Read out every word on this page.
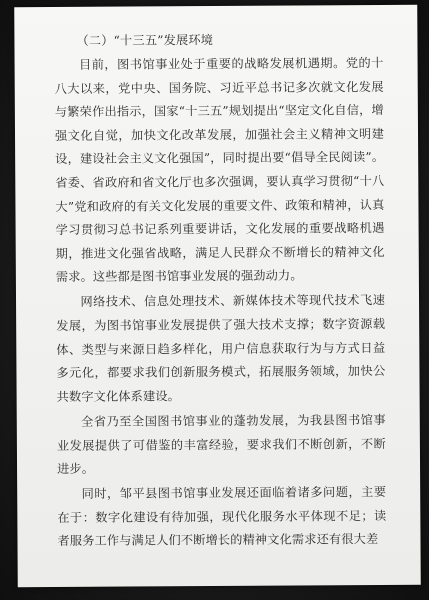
（二）“十三五”发展环境

目前，图书馆事业处于重要的战略发展机遇期。党的十八大以来，党中央、国务院、习近平总书记多次就文化发展与繁荣作出指示，国家“十三五”规划提出“坚定文化自信，增强文化自觉，加快文化改革发展，加强社会主义精神文明建设，建设社会主义文化强国”，同时提出要“倡导全民阅读”。省委、省政府和省文化厅也多次强调，要认真学习贯彻“十八大”党和政府的有关文化发展的重要文件、政策和精神，认真学习贯彻习总书记系列重要讲话，文化发展的重要战略机遇期，推进文化强省战略，满足人民群众不断增长的精神文化需求。这些都是图书馆事业发展的强劲动力。

网络技术、信息处理技术、新媒体技术等现代技术飞速发展，为图书馆事业发展提供了强大技术支撑；数字资源载体、类型与来源日趋多样化，用户信息获取行为与方式日益多元化，都要求我们创新服务模式，拓展服务领域，加快公共数字文化体系建设。

全省乃至全国图书馆事业的蓬勃发展，为我县图书馆事业发展提供了可借鉴的丰富经验，要求我们不断创新，不断进步。

同时，邹平县图书馆事业发展还面临着诸多问题，主要在于：数字化建设有待加强，现代化服务水平体现不足；读者服务工作与满足人们不断增长的精神文化需求还有很大差
